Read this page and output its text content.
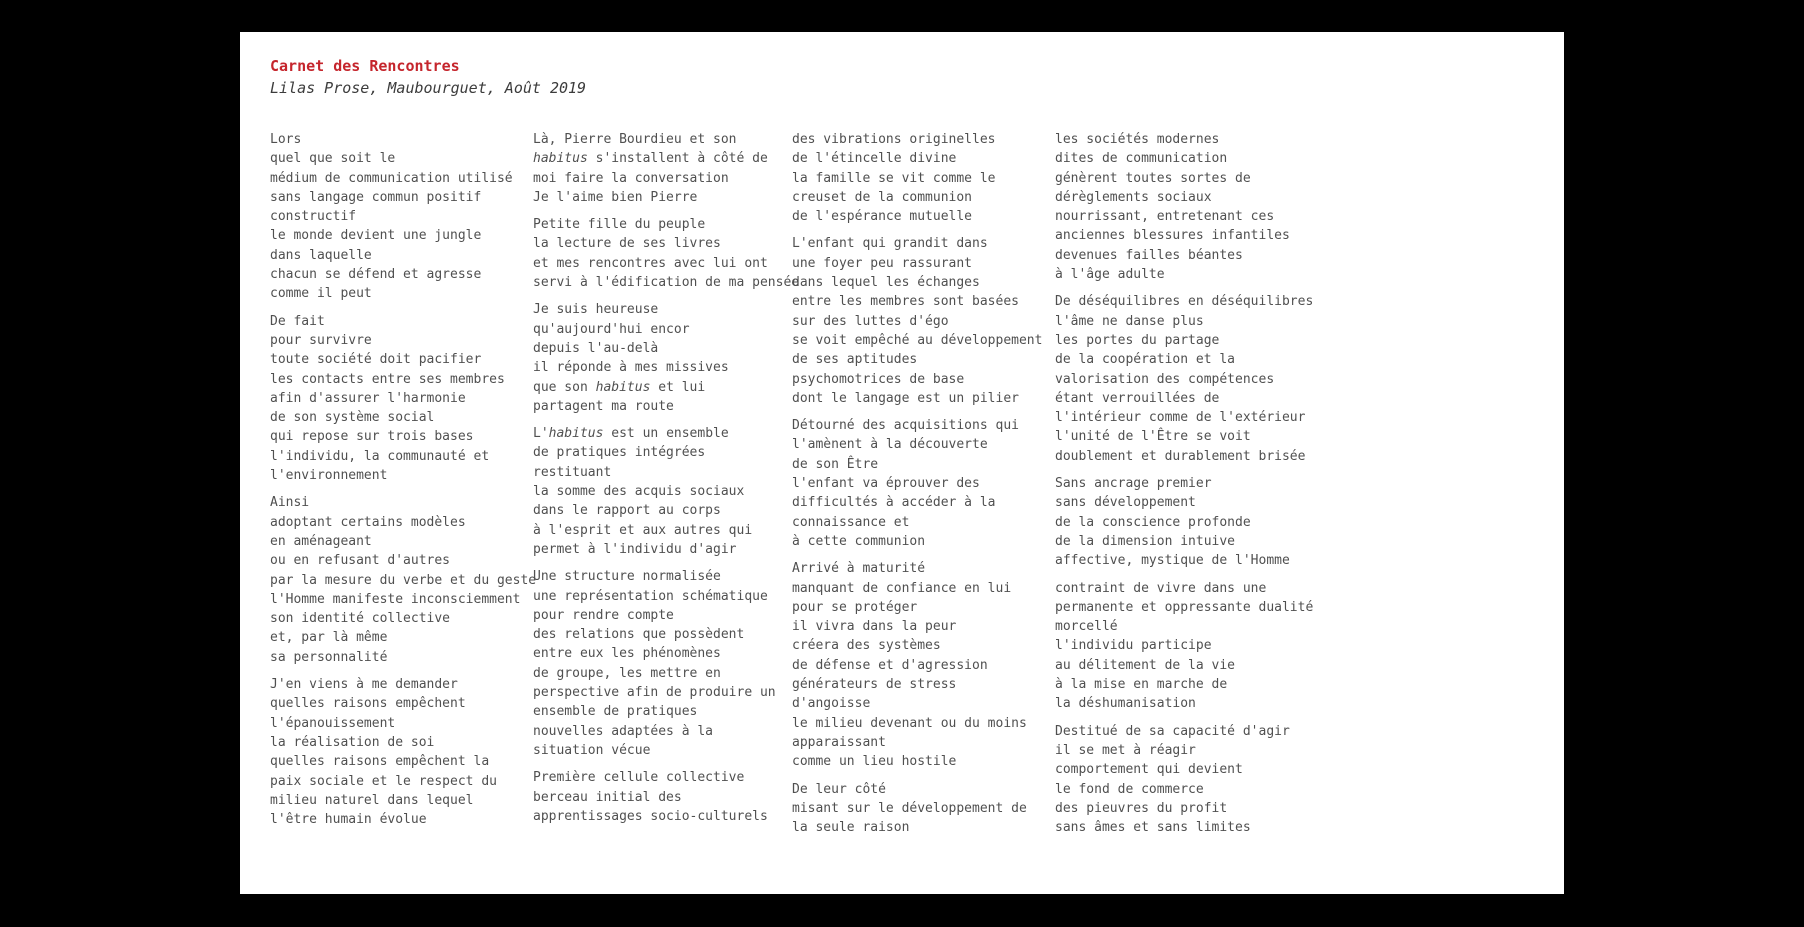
Carnet des Rencontres
Lilas Prose, Maubourguet, Août 2019
Lors
quel que soit le
médium de communication utilisé
sans langage commun positif
constructif
le monde devient une jungle
dans laquelle
chacun se défend et agresse
comme il peut
De fait
pour survivre
toute société doit pacifier
les contacts entre ses membres
afin d'assurer l'harmonie
de son système social
qui repose sur trois bases
l'individu, la communauté et
l'environnement
Ainsi
adoptant certains modèles
en aménageant
ou en refusant d'autres
par la mesure du verbe et du geste
l'Homme manifeste inconsciemment
son identité collective
et, par là même
sa personnalité
J'en viens à me demander
quelles raisons empêchent
l'épanouissement
la réalisation de soi
quelles raisons empêchent la
paix sociale et le respect du
milieu naturel dans lequel
l'être humain évolue
Là, Pierre Bourdieu et son
habitus s'installent à côté de
moi faire la conversation
Je l'aime bien Pierre
Petite fille du peuple
la lecture de ses livres
et mes rencontres avec lui ont
servi à l'édification de ma pensée
Je suis heureuse
qu'aujourd'hui encor
depuis l'au-delà
il réponde à mes missives
que son habitus et lui
partagent ma route
L'habitus est un ensemble
de pratiques intégrées
restituant
la somme des acquis sociaux
dans le rapport au corps
à l'esprit et aux autres qui
permet à l'individu d'agir
Une structure normalisée
une représentation schématique
pour rendre compte
des relations que possèdent
entre eux les phénomènes
de groupe, les mettre en
perspective afin de produire un
ensemble de pratiques
nouvelles adaptées à la
situation vécue
Première cellule collective
berceau initial des
apprentissages socio-culturels
des vibrations originelles
de l'étincelle divine
la famille se vit comme le
creuset de la communion
de l'espérance mutuelle
L'enfant qui grandit dans
une foyer peu rassurant
dans lequel les échanges
entre les membres sont basées
sur des luttes d'égo
se voit empêché au développement
de ses aptitudes
psychomotrices de base
dont le langage est un pilier
Détourné des acquisitions qui
l'amènent à la découverte
de son Être
l'enfant va éprouver des
difficultés à accéder à la
connaissance et
à cette communion
Arrivé à maturité
manquant de confiance en lui
pour se protéger
il vivra dans la peur
créera des systèmes
de défense et d'agression
générateurs de stress
d'angoisse
le milieu devenant ou du moins
apparaissant
comme un lieu hostile
De leur côté
misant sur le développement de
la seule raison
les sociétés modernes
dites de communication
génèrent toutes sortes de
dérèglements sociaux
nourrissant, entretenant ces
anciennes blessures infantiles
devenues failles béantes
à l'âge adulte
De déséquilibres en déséquilibres
l'âme ne danse plus
les portes du partage
de la coopération et la
valorisation des compétences
étant verrouillées de
l'intérieur comme de l'extérieur
l'unité de l'Être se voit
doublement et durablement brisée
Sans ancrage premier
sans développement
de la conscience profonde
de la dimension intuive
affective, mystique de l'Homme
contraint de vivre dans une
permanente et oppressante dualité
morcellé
l'individu participe
au délitement de la vie
à la mise en marche de
la déshumanisation
Destitué de sa capacité d'agir
il se met à réagir
comportement qui devient
le fond de commerce
des pieuvres du profit
sans âmes et sans limites
